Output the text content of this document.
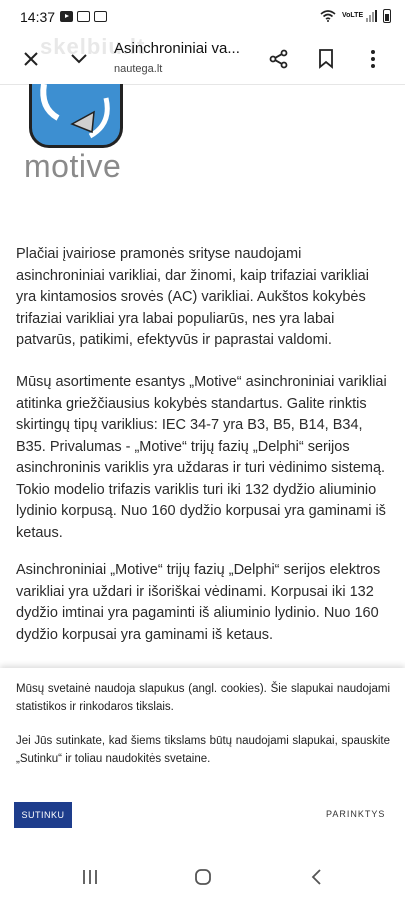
14:37	VoLTE
skelbiu.lt
Asinchroniniai va...
nautega.lt
motive
Plačiai įvairiose pramonės srityse naudojami asinchroniniai varikliai, dar žinomi, kaip trifaziai varikliai yra kintamosios srovės (AC) varikliai. Aukštos kokybės trifaziai varikliai yra labai populiarūs, nes yra labai patvarūs, patikimi, efektyvūs ir paprastai valdomi.
Mūsų asortimente esantys „Motive“ asinchroniniai varikliai atitinka griežčiausius kokybės standartus. Galite rinktis skirtingų tipų variklius: IEC 34-7 yra B3, B5, B14, B34, B35. Privalumas - „Motive“ trijų fazių „Delphi“ serijos asinchroninis variklis yra uždaras ir turi vėdinimo sistemą. Tokio modelio trifazis variklis turi iki 132 dydžio aliuminio lydinio korpusą. Nuo 160 dydžio korpusai yra gaminami iš ketaus.
Asinchroniniai „Motive“ trijų fazių „Delphi“ serijos elektros varikliai yra uždari ir išoriškai vėdinami. Korpusai iki 132 dydžio imtinai yra pagaminti iš aliuminio lydinio. Nuo 160 dydžio korpusai yra gaminami iš ketaus.
Mūsų svetainė naudoja slapukus (angl. cookies). Šie slapukai naudojami statistikos ir rinkodaros tikslais.
Jei Jūs sutinkate, kad šiems tikslams būtų naudojami slapukai, spauskite „Sutinku“ ir toliau naudokitės svetaine.
SUTINKU	PARINKTYS
